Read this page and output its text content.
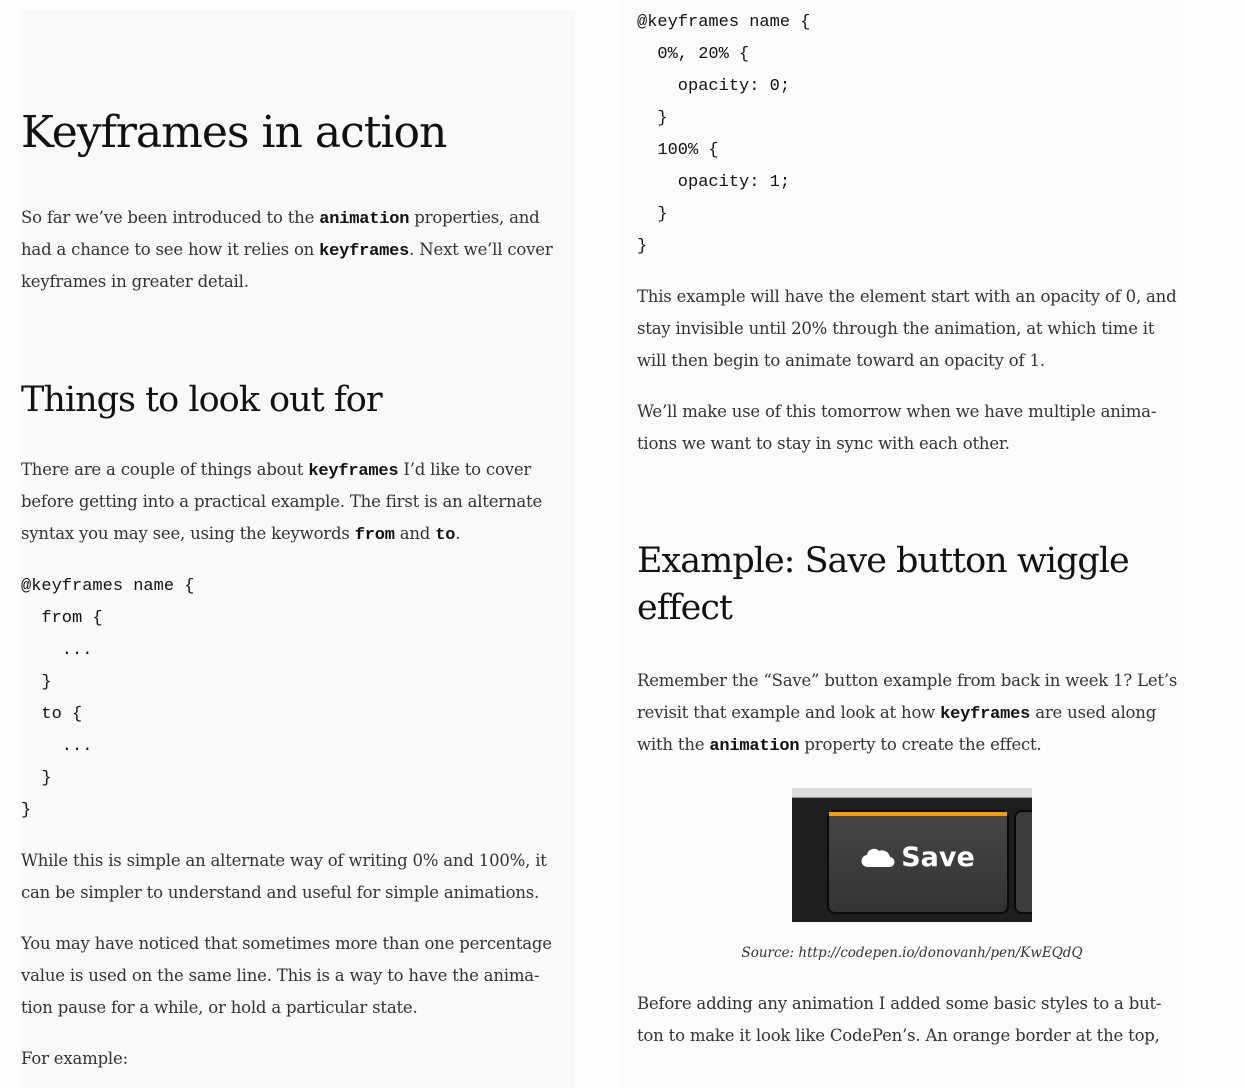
Keyframes in action
So far we’ve been introduced to the animation properties, and
had a chance to see how it relies on keyframes. Next we’ll cover
keyframes in greater detail.
Things to look out for
There are a couple of things about keyframes I’d like to cover
before getting into a practical example. The first is an alternate
syntax you may see, using the keywords from and to.
@keyframes name {
from {
...
}
to {
...
}
}
While this is simple an alternate way of writing 0% and 100%, it
can be simpler to understand and useful for simple animations.
You may have noticed that sometimes more than one percentage
value is used on the same line. This is a way to have the anima-
tion pause for a while, or hold a particular state.
For example:
@keyframes name {
0%, 20% {
opacity: 0;
}
100% {
opacity: 1;
}
}
This example will have the element start with an opacity of 0, and
stay invisible until 20% through the animation, at which time it
will then begin to animate toward an opacity of 1.
We’ll make use of this tomorrow when we have multiple anima-
tions we want to stay in sync with each other.
Example: Save button wiggle
effect
Remember the “Save” button example from back in week 1? Let’s
revisit that example and look at how keyframes are used along
with the animation property to create the effect.
Save
Source: http://codepen.io/donovanh/pen/KwEQdQ
Before adding any animation I added some basic styles to a but-
ton to make it look like CodePen’s. An orange border at the top,
